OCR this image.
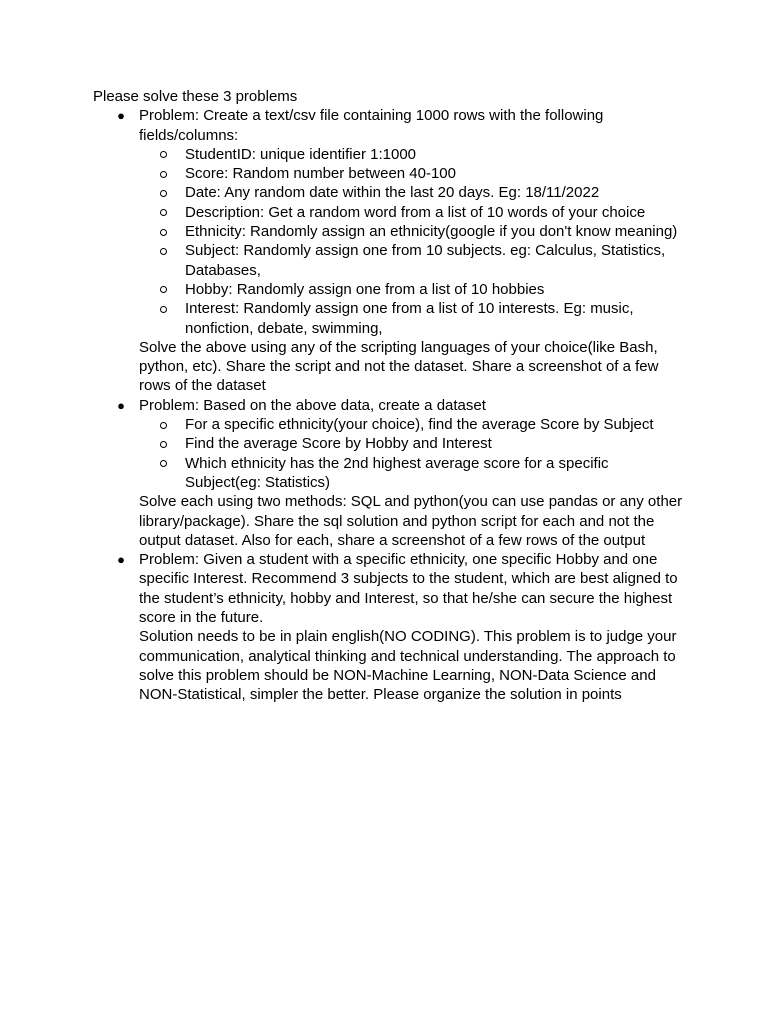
Please solve these 3 problems

● Problem: Create a text/csv file containing 1000 rows with the following fields/columns:
StudentID: unique identifier 1:1000
Score: Random number between 40-100
Date: Any random date within the last 20 days. Eg: 18/11/2022
Description: Get a random word from a list of 10 words of your choice
Ethnicity: Randomly assign an ethnicity(google if you don't know meaning)
Subject: Randomly assign one from 10 subjects. eg: Calculus, Statistics, Databases,
Hobby: Randomly assign one from a list of 10 hobbies
Interest: Randomly assign one from a list of 10 interests. Eg: music, nonfiction, debate, swimming,

Solve the above using any of the scripting languages of your choice(like Bash, python, etc). Share the script and not the dataset. Share a screenshot of a few rows of the dataset

● Problem: Based on the above data, create a dataset
For a specific ethnicity(your choice), find the average Score by Subject
Find the average Score by Hobby and Interest
Which ethnicity has the 2nd highest average score for a specific Subject(eg: Statistics)

Solve each using two methods: SQL and python(you can use pandas or any other library/package). Share the sql solution and python script for each and not the output dataset. Also for each, share a screenshot of a few rows of the output

● Problem: Given a student with a specific ethnicity, one specific Hobby and one specific Interest. Recommend 3 subjects to the student, which are best aligned to the student’s ethnicity, hobby and Interest, so that he/she can secure the highest score in the future.

Solution needs to be in plain english(NO CODING). This problem is to judge your communication, analytical thinking and technical understanding. The approach to solve this problem should be NON-Machine Learning, NON-Data Science and NON-Statistical, simpler the better. Please organize the solution in points
